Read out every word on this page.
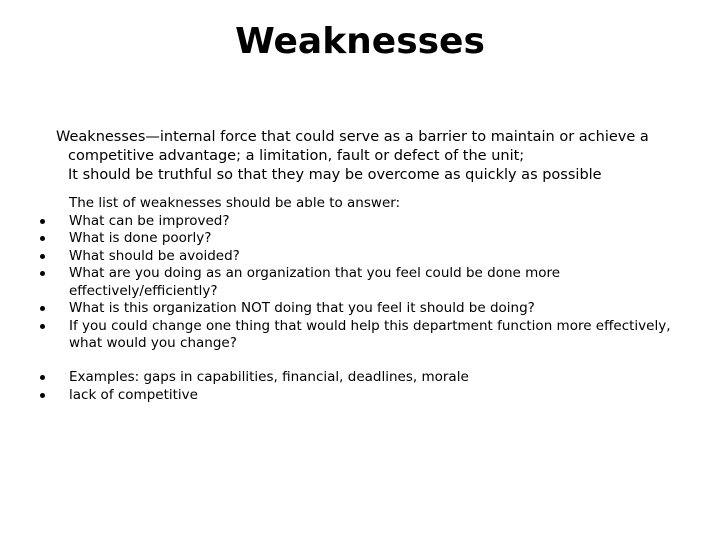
Weaknesses
Weaknesses—internal force that could serve as a barrier to maintain or achieve a
competitive advantage; a limitation, fault or defect of the unit;
It should be truthful so that they may be overcome as quickly as possible
The list of weaknesses should be able to answer:
What can be improved?
What is done poorly?
What should be avoided?
What are you doing as an organization that you feel could be done more effectively/efficiently?
What is this organization NOT doing that you feel it should be doing?
If you could change one thing that would help this department function more effectively, what would you change?
Examples: gaps in capabilities, financial, deadlines, morale
lack of competitive
